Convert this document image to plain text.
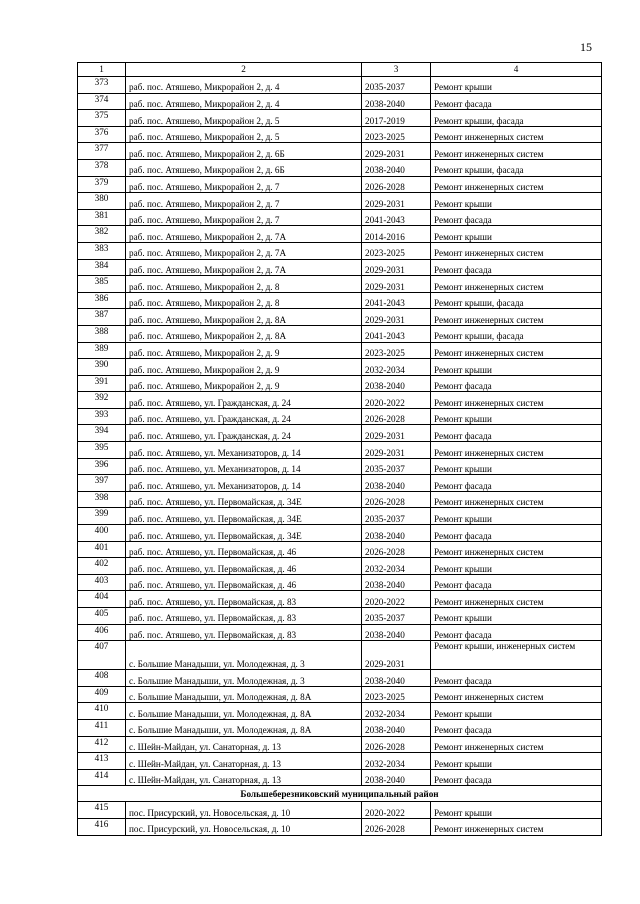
15
1	2	3	4
373	раб. пос. Атяшево, Микрорайон 2, д. 4	2035-2037	Ремонт крыши
374	раб. пос. Атяшево, Микрорайон 2, д. 4	2038-2040	Ремонт фасада
375	раб. пос. Атяшево, Микрорайон 2, д. 5	2017-2019	Ремонт крыши, фасада
376	раб. пос. Атяшево, Микрорайон 2, д. 5	2023-2025	Ремонт инженерных систем
377	раб. пос. Атяшево, Микрорайон 2, д. 6Б	2029-2031	Ремонт инженерных систем
378	раб. пос. Атяшево, Микрорайон 2, д. 6Б	2038-2040	Ремонт крыши, фасада
379	раб. пос. Атяшево, Микрорайон 2, д. 7	2026-2028	Ремонт инженерных систем
380	раб. пос. Атяшево, Микрорайон 2, д. 7	2029-2031	Ремонт крыши
381	раб. пос. Атяшево, Микрорайон 2, д. 7	2041-2043	Ремонт фасада
382	раб. пос. Атяшево, Микрорайон 2, д. 7А	2014-2016	Ремонт крыши
383	раб. пос. Атяшево, Микрорайон 2, д. 7А	2023-2025	Ремонт инженерных систем
384	раб. пос. Атяшево, Микрорайон 2, д. 7А	2029-2031	Ремонт фасада
385	раб. пос. Атяшево, Микрорайон 2, д. 8	2029-2031	Ремонт инженерных систем
386	раб. пос. Атяшево, Микрорайон 2, д. 8	2041-2043	Ремонт крыши, фасада
387	раб. пос. Атяшево, Микрорайон 2, д. 8А	2029-2031	Ремонт инженерных систем
388	раб. пос. Атяшево, Микрорайон 2, д. 8А	2041-2043	Ремонт крыши, фасада
389	раб. пос. Атяшево, Микрорайон 2, д. 9	2023-2025	Ремонт инженерных систем
390	раб. пос. Атяшево, Микрорайон 2, д. 9	2032-2034	Ремонт крыши
391	раб. пос. Атяшево, Микрорайон 2, д. 9	2038-2040	Ремонт фасада
392	раб. пос. Атяшево, ул. Гражданская, д. 24	2020-2022	Ремонт инженерных систем
393	раб. пос. Атяшево, ул. Гражданская, д. 24	2026-2028	Ремонт крыши
394	раб. пос. Атяшево, ул. Гражданская, д. 24	2029-2031	Ремонт фасада
395	раб. пос. Атяшево, ул. Механизаторов, д. 14	2029-2031	Ремонт инженерных систем
396	раб. пос. Атяшево, ул. Механизаторов, д. 14	2035-2037	Ремонт крыши
397	раб. пос. Атяшево, ул. Механизаторов, д. 14	2038-2040	Ремонт фасада
398	раб. пос. Атяшево, ул. Первомайская, д. 34Е	2026-2028	Ремонт инженерных систем
399	раб. пос. Атяшево, ул. Первомайская, д. 34Е	2035-2037	Ремонт крыши
400	раб. пос. Атяшево, ул. Первомайская, д. 34Е	2038-2040	Ремонт фасада
401	раб. пос. Атяшево, ул. Первомайская, д. 46	2026-2028	Ремонт инженерных систем
402	раб. пос. Атяшево, ул. Первомайская, д. 46	2032-2034	Ремонт крыши
403	раб. пос. Атяшево, ул. Первомайская, д. 46	2038-2040	Ремонт фасада
404	раб. пос. Атяшево, ул. Первомайская, д. 83	2020-2022	Ремонт инженерных систем
405	раб. пос. Атяшево, ул. Первомайская, д. 83	2035-2037	Ремонт крыши
406	раб. пос. Атяшево, ул. Первомайская, д. 83	2038-2040	Ремонт фасада
407	с. Большие Манадыши, ул. Молодежная, д. 3	2029-2031	Ремонт крыши, инженерных систем
408	с. Большие Манадыши, ул. Молодежная, д. 3	2038-2040	Ремонт фасада
409	с. Большие Манадыши, ул. Молодежная, д. 8А	2023-2025	Ремонт инженерных систем
410	с. Большие Манадыши, ул. Молодежная, д. 8А	2032-2034	Ремонт крыши
411	с. Большие Манадыши, ул. Молодежная, д. 8А	2038-2040	Ремонт фасада
412	с. Шейн-Майдан, ул. Санаторная, д. 13	2026-2028	Ремонт инженерных систем
413	с. Шейн-Майдан, ул. Санаторная, д. 13	2032-2034	Ремонт крыши
414	с. Шейн-Майдан, ул. Санаторная, д. 13	2038-2040	Ремонт фасада
Большеберезниковский муниципальный район			
415	пос. Присурский, ул. Новосельская, д. 10	2020-2022	Ремонт крыши
416	пос. Присурский, ул. Новосельская, д. 10	2026-2028	Ремонт инженерных систем
